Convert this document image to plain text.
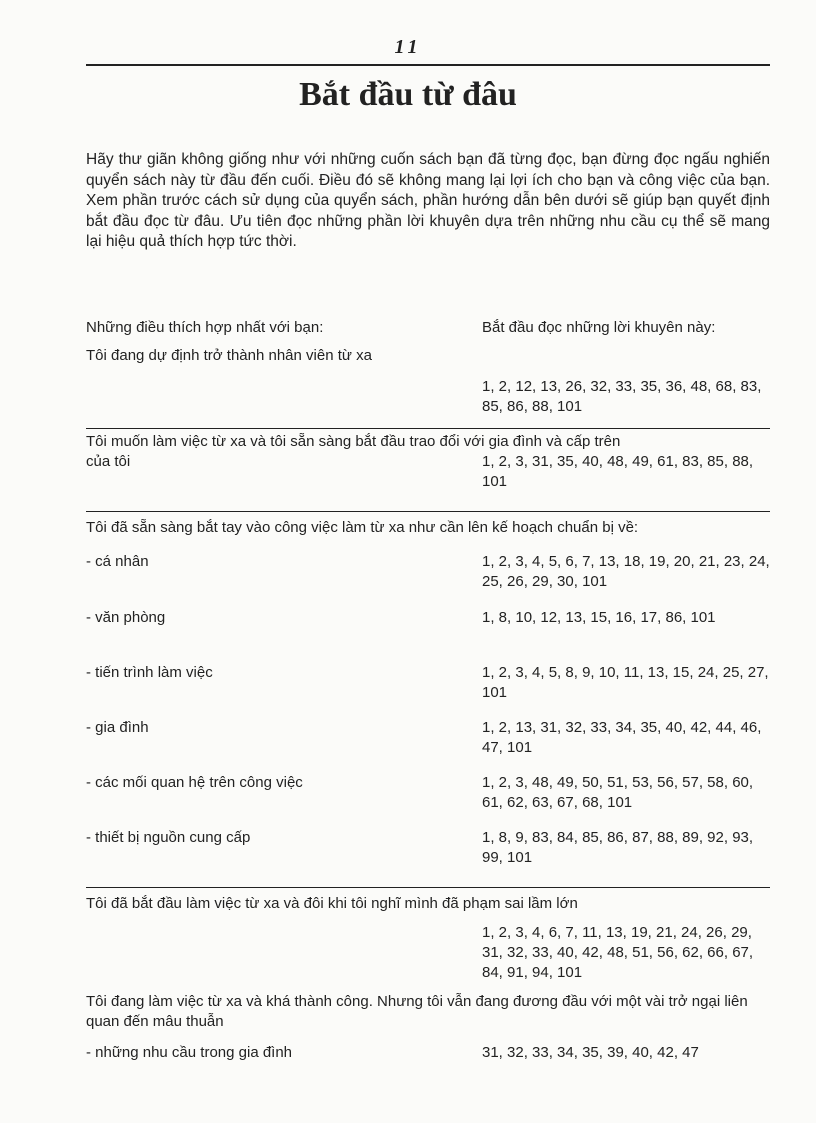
11
Bắt đầu từ đâu
Hãy thư giãn không giống như với những cuốn sách bạn đã từng đọc, bạn đừng đọc ngấu nghiến quyển sách này từ đầu đến cuối. Điều đó sẽ không mang lại lợi ích cho bạn và công việc của bạn. Xem phần trước cách sử dụng của quyển sách, phần hướng dẫn bên dưới sẽ giúp bạn quyết định bắt đầu đọc từ đâu. Ưu tiên đọc những phần lời khuyên dựa trên những nhu cầu cụ thể sẽ mang lại hiệu quả thích hợp tức thời.
Những điều thích hợp nhất với bạn:	Bắt đầu đọc những lời khuyên này:
Tôi đang dự định trở thành nhân viên từ xa
1, 2, 12, 13, 26, 32, 33, 35, 36, 48, 68, 83, 85, 86, 88, 101
Tôi muốn làm việc từ xa và tôi sẵn sàng bắt đầu trao đổi với gia đình và cấp trên
của tôi	1, 2, 3, 31, 35, 40, 48, 49, 61, 83, 85, 88, 101
Tôi đã sẵn sàng bắt tay vào công việc làm từ xa như cần lên kế hoạch chuẩn bị về:
- cá nhân	1, 2, 3, 4, 5, 6, 7, 13, 18, 19, 20, 21, 23, 24, 25, 26, 29, 30, 101
- văn phòng	1, 8, 10, 12, 13, 15, 16, 17, 86, 101
- tiến trình làm việc	1, 2, 3, 4, 5, 8, 9, 10, 11, 13, 15, 24, 25, 27, 101
- gia đình	1, 2, 13, 31, 32, 33, 34, 35, 40, 42, 44, 46, 47, 101
- các mối quan hệ trên công việc	1, 2, 3, 48, 49, 50, 51, 53, 56, 57, 58, 60, 61, 62, 63, 67, 68, 101
- thiết bị nguồn cung cấp	1, 8, 9, 83, 84, 85, 86, 87, 88, 89, 92, 93, 99, 101
Tôi đã bắt đầu làm việc từ xa và đôi khi tôi nghĩ mình đã phạm sai lầm lớn
1, 2, 3, 4, 6, 7, 11, 13, 19, 21, 24, 26, 29, 31, 32, 33, 40, 42, 48, 51, 56, 62, 66, 67, 84, 91, 94, 101
Tôi đang làm việc từ xa và khá thành công. Nhưng tôi vẫn đang đương đầu với một vài trở ngại liên quan đến mâu thuẫn
- những nhu cầu trong gia đình	31, 32, 33, 34, 35, 39, 40, 42, 47
